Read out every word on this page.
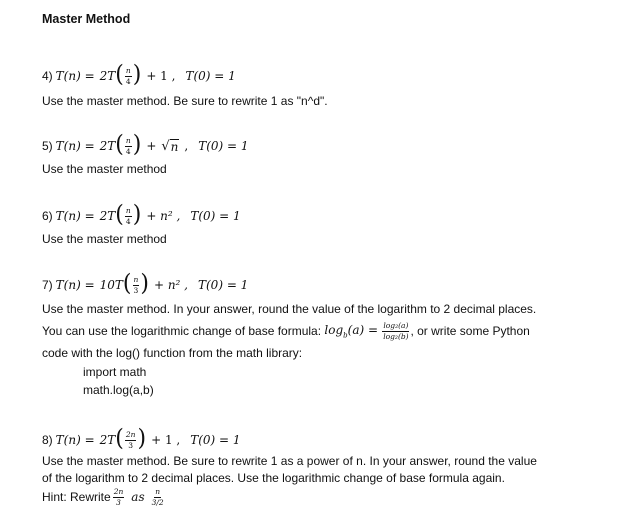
Master Method
4) T(n) = 2T ( $\frac{n}{4}$ ) + 1 , T(0) = 1
Use the master method. Be sure to rewrite 1 as "n^d".
5) T(n) = 2T ( $\frac{n}{4}$ ) + √ n , T(0) = 1
Use the master method
6) T(n) = 2T ( $\frac{n}{4}$ ) + n² , T(0) = 1
Use the master method
7) T(n) = 10T ( $\frac{n}{3}$ ) + n² , T(0) = 1
Use the master method. In your answer, round the value of the logarithm to 2 decimal places.
You can use the logarithmic change of base formula:
$\log_b(a)$ =
$\frac{\text{log₂(a)}}{\text{log₂(b)}}$ , or write some Python
code with the log() function from the math library:
import math
math.log(a,b)
8) T(n) = 2T ( $\frac{2n}{3}$ ) + 1 , T(0) = 1
Use the master method. Be sure to rewrite 1 as a power of n. In your answer, round the value
of the logarithm to 2 decimal places. Use the logarithmic change of base formula again.
Hint: Rewrite 2n
3 as n
3/2
